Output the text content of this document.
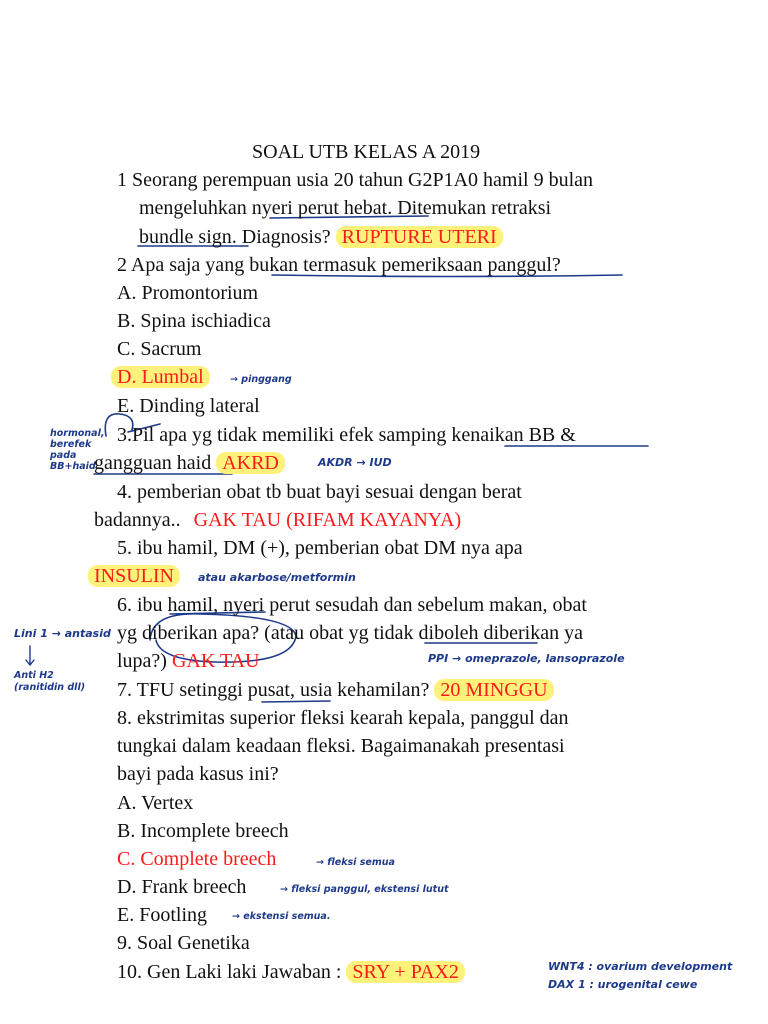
SOAL UTB KELAS A 2019
1 Seorang perempuan usia 20 tahun G2P1A0 hamil 9 bulan
mengeluhkan nyeri perut hebat. Ditemukan retraksi
bundle sign. Diagnosis? RUPTURE UTERI
2 Apa saja yang bukan termasuk pemeriksaan panggul?
A. Promontorium
B. Spina ischiadica
C. Sacrum
D. Lumbal	→ pinggang
E. Dinding lateral
hormonal,
berefek
pada
BB+haid
3.Pil apa yg tidak memiliki efek samping kenaikan BB &
gangguan haid AKRD	AKDR → IUD
4. pemberian obat tb buat bayi sesuai dengan berat
badannya.. GAK TAU (RIFAM KAYANYA)
5. ibu hamil, DM (+), pemberian obat DM nya apa
INSULIN	atau akarbose/metformin
Lini 1 → antasid
Anti H2
(ranitidin dll)
6. ibu hamil, nyeri perut sesudah dan sebelum makan, obat
yg diberikan apa? (atau obat yg tidak diboleh diberikan ya
lupa?) GAK TAU	PPI → omeprazole, lansoprazole
7. TFU setinggi pusat, usia kehamilan? 20 MINGGU
8. ekstrimitas superior fleksi kearah kepala, panggul dan
tungkai dalam keadaan fleksi. Bagaimanakah presentasi
bayi pada kasus ini?
A. Vertex
B. Incomplete breech
C. Complete breech	→ fleksi semua
D. Frank breech	→ fleksi panggul, ekstensi lutut
E. Footling	→ ekstensi semua.
9. Soal Genetika
10. Gen Laki laki Jawaban : SRY + PAX2	WNT4 : ovarium development
DAX 1 : urogenital cewe
